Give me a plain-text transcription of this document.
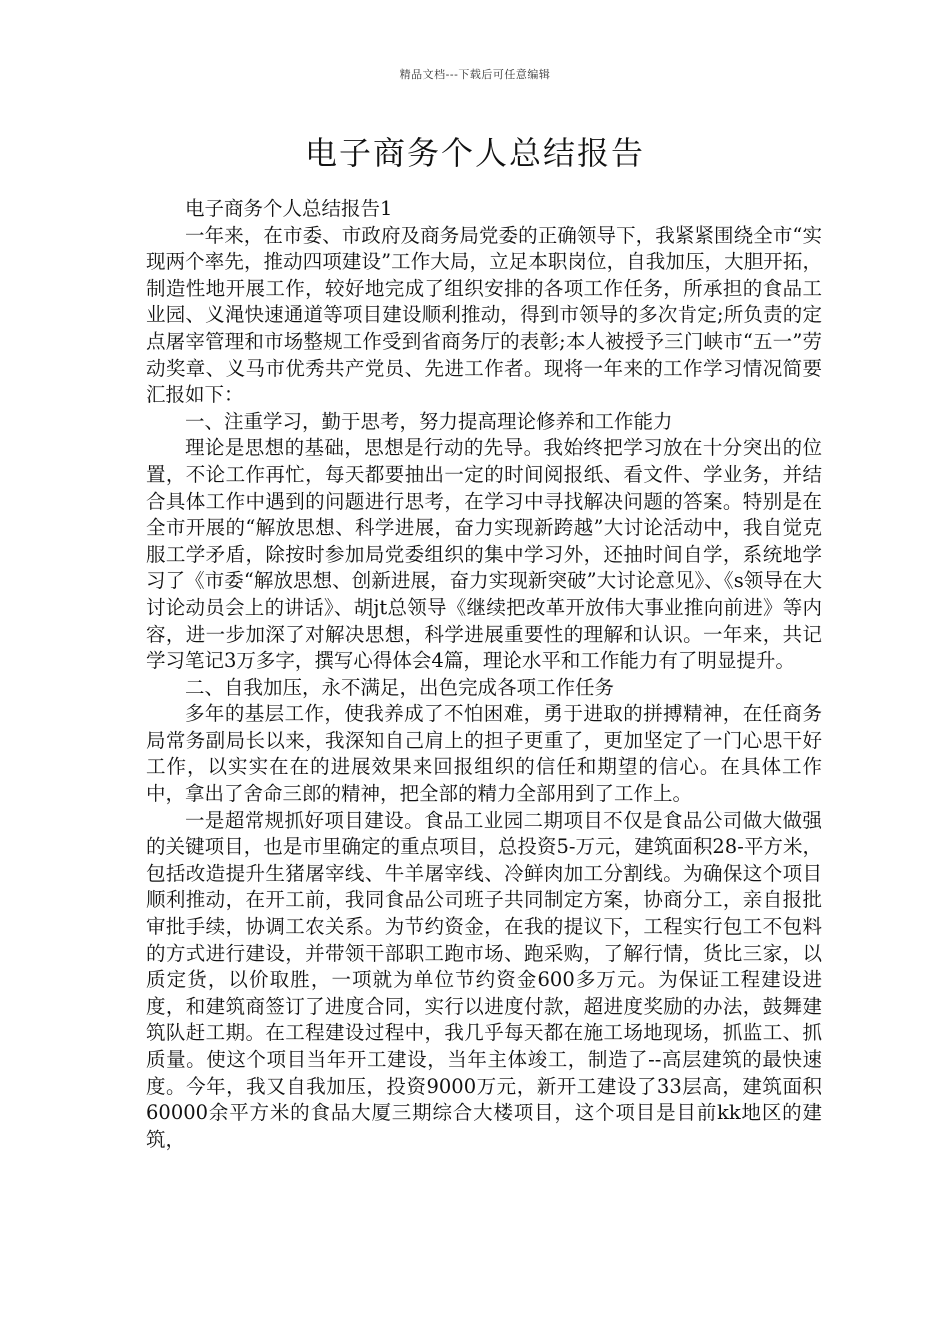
精品文档---下载后可任意编辑
电子商务个人总结报告

电子商务个人总结报告1

一年来，在市委、市政府及商务局党委的正确领导下，我紧紧围绕全市“实现两个率先，推动四项建设”工作大局，立足本职岗位，自我加压，大胆开拓，制造性地开展工作，较好地完成了组织安排的各项工作任务，所承担的食品工业园、义渑快速通道等项目建设顺利推动，得到市领导的多次肯定;所负责的定点屠宰管理和市场整规工作受到省商务厅的表彰;本人被授予三门峡市“五一”劳动奖章、义马市优秀共产党员、先进工作者。现将一年来的工作学习情况简要汇报如下：

一、注重学习，勤于思考，努力提高理论修养和工作能力

理论是思想的基础，思想是行动的先导。我始终把学习放在十分突出的位置，不论工作再忙，每天都要抽出一定的时间阅报纸、看文件、学业务，并结合具体工作中遇到的问题进行思考，在学习中寻找解决问题的答案。特别是在全市开展的“解放思想、科学进展，奋力实现新跨越”大讨论活动中，我自觉克服工学矛盾，除按时参加局党委组织的集中学习外，还抽时间自学，系统地学习了《市委“解放思想、创新进展，奋力实现新突破”大讨论意见》、《s领导在大讨论动员会上的讲话》、胡jt总领导《继续把改革开放伟大事业推向前进》等内容，进一步加深了对解决思想，科学进展重要性的理解和认识。一年来，共记学习笔记3万多字，撰写心得体会4篇，理论水平和工作能力有了明显提升。

二、自我加压，永不满足，出色完成各项工作任务

多年的基层工作，使我养成了不怕困难，勇于进取的拼搏精神，在任商务局常务副局长以来，我深知自己肩上的担子更重了，更加坚定了一门心思干好工作，以实实在在的进展效果来回报组织的信任和期望的信心。在具体工作中，拿出了舍命三郎的精神，把全部的精力全部用到了工作上。

一是超常规抓好项目建设。食品工业园二期项目不仅是食品公司做大做强的关键项目，也是市里确定的重点项目，总投资5-万元，建筑面积28-平方米，包括改造提升生猪屠宰线、牛羊屠宰线、冷鲜肉加工分割线。为确保这个项目顺利推动，在开工前，我同食品公司班子共同制定方案，协商分工，亲自报批审批手续，协调工农关系。为节约资金，在我的提议下，工程实行包工不包料的方式进行建设，并带领干部职工跑市场、跑采购，了解行情，货比三家，以质定货，以价取胜，一项就为单位节约资金600多万元。为保证工程建设进度，和建筑商签订了进度合同，实行以进度付款，超进度奖励的办法，鼓舞建筑队赶工期。在工程建设过程中，我几乎每天都在施工场地现场，抓监工、抓质量。使这个项目当年开工建设，当年主体竣工，制造了--高层建筑的最快速度。今年，我又自我加压，投资9000万元，新开工建设了33层高，建筑面积60000余平方米的食品大厦三期综合大楼项目，这个项目是目前kk地区的建筑，
